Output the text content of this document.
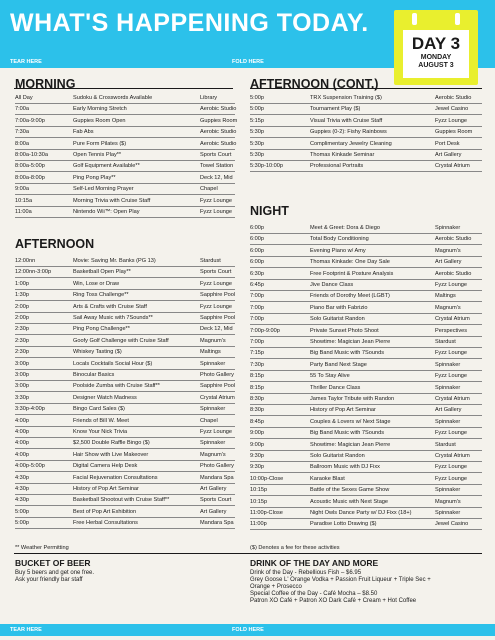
WHAT'S HAPPENING TODAY.
TEAR HERE	FOLD HERE
DAY 3
MONDAY
AUGUST 3
MORNING
All Day	Sudoku & Crosswords Available	Library
7:00a	Early Morning Stretch	Aerobic Studio
7:00a-9:00p	Guppies Room Open	Guppies Room
7:30a	Fab Abs	Aerobic Studio
8:00a	Pure Form Pilates ($)	Aerobic Studio
8:00a-10:30a	Open Tennis Play**	Sports Court
8:00a-5:00p	Golf Equipment Available**	Towel Station
8:00a-8:00p	Ping Pong Play**	Deck 12, Mid
9:00a	Self-Led Morning Prayer	Chapel
10:15a	Morning Trivia with Cruise Staff	Fyzz Lounge
11:00a	Nintendo Wii™: Open Play	Fyzz Lounge
AFTERNOON
12:00nn	Movie: Saving Mr. Banks (PG 13)	Stardust
12:00nn-3:00p	Basketball Open Play**	Sports Court
1:00p	Win, Lose or Draw	Fyzz Lounge
1:30p	Ring Toss Challenge**	Sapphire Pool
2:00p	Arts & Crafts with Cruise Staff	Fyzz Lounge
2:00p	Sail Away Music with 7Sounds**	Sapphire Pool
2:30p	Ping Pong Challenge**	Deck 12, Mid
2:30p	Goofy Golf Challenge with Cruise Staff	Magnum's
2:30p	Whiskey Tasting ($)	Maltings
3:00p	Locals Cocktails Social Hour ($)	Spinnaker
3:00p	Binocular Basics	Photo Gallery
3:00p	Poolside Zumba with Cruise Staff**	Sapphire Pool
3:30p	Designer Watch Madness	Crystal Atrium
3:30p-4:00p	Bingo Card Sales ($)	Spinnaker
4:00p	Friends of Bill W. Meet	Chapel
4:00p	Know Your Nick Trivia	Fyzz Lounge
4:00p	$2,500 Double Raffle Bingo ($)	Spinnaker
4:00p	Hair Show with Live Makeover	Magnum's
4:00p-5:00p	Digital Camera Help Desk	Photo Gallery
4:30p	Facial Rejuvenation Consultations	Mandara Spa
4:30p	History of Pop Art Seminar	Art Gallery
4:30p	Basketball Shootout with Cruise Staff**	Sports Court
5:00p	Best of Pop Art Exhibition	Art Gallery
5:00p	Free Herbal Consultations	Mandara Spa
** Weather Permitting
AFTERNOON (CONT.)
5:00p	TRX Suspension Training ($)	Aerobic Studio
5:00p	Tournament Play ($)	Jewel Casino
5:15p	Visual Trivia with Cruise Staff	Fyzz Lounge
5:30p	Guppies (0-2): Fishy Rainbows	Guppies Room
5:30p	Complimentary Jewelry Cleaning	Port Desk
5:30p	Thomas Kinkade Seminar	Art Gallery
5:30p-10:00p	Professional Portraits	Crystal Atrium
NIGHT
6:00p	Meet & Greet: Dora & Diego	Spinnaker
6:00p	Total Body Conditioning	Aerobic Studio
6:00p	Evening Piano w/ Amy	Magnum's
6:00p	Thomas Kinkade: One Day Sale	Art Gallery
6:30p	Free Footprint & Posture Analysis	Aerobic Studio
6:45p	Jive Dance Class	Fyzz Lounge
7:00p	Friends of Dorothy Meet (LGBT)	Maltings
7:00p	Piano Bar with Fabrizio	Magnum's
7:00p	Solo Guitarist Randon	Crystal Atrium
7:00p-9:00p	Private Sunset Photo Shoot	Perspectives
7:00p	Showtime: Magician Jean Pierre	Stardust
7:15p	Big Band Music with 7Sounds	Fyzz Lounge
7:30p	Party Band Next Stage	Spinnaker
8:15p	55 To Stay Alive	Fyzz Lounge
8:15p	Thriller Dance Class	Spinnaker
8:30p	James Taylor Tribute with Randon	Crystal Atrium
8:30p	History of Pop Art Seminar	Art Gallery
8:45p	Couples & Lovers w/ Next Stage	Spinnaker
9:00p	Big Band Music with 7Sounds	Fyzz Lounge
9:00p	Showtime: Magician Jean Pierre	Stardust
9:30p	Solo Guitarist Randon	Crystal Atrium
9:30p	Ballroom Music with DJ Fixx	Fyzz Lounge
10:00p-Close	Karaoke Blast	Fyzz Lounge
10:15p	Battle of the Sexes Game Show	Spinnaker
10:15p	Acoustic Music with Next Stage	Magnum's
11:00p-Close	Night Owls Dance Party w/ DJ Fixx (18+)	Spinnaker
11:00p	Paradise Lotto Drawing ($)	Jewel Casino
($) Denotes a fee for these activities
BUCKET OF BEER
Buy 5 beers and get one free.
Ask your friendly bar staff
DRINK OF THE DAY AND MORE
Drink of the Day - Rebellious Fish – $6.95
Grey Goose L' Orange Vodka + Passion Fruit Liqueur + Triple Sec +
Orange + Prosecco
Special Coffee of the Day - Café Mocha – $8.50
Patron XO Café + Patron XO Dark Café + Cream + Hot Coffee
TEAR HERE	FOLD HERE
